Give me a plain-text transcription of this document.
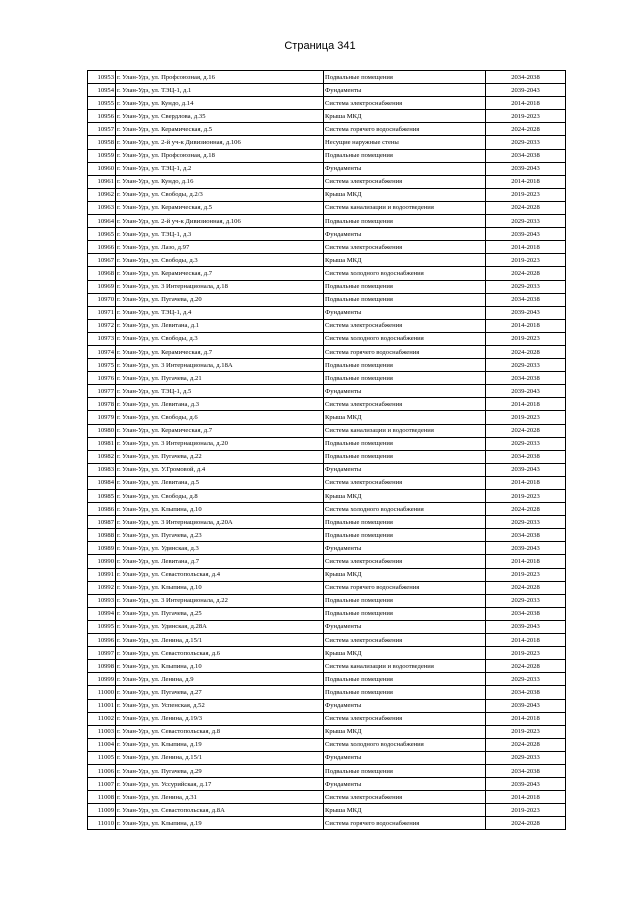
Страница 341
10953	г. Улан-Удэ, ул. Профсоюзная, д.16	Подвальные помещения	2034-2038
10954	г. Улан-Удэ, ул. ТЭЦ-1, д.1	Фундаменты	2039-2043
10955	г. Улан-Удэ, ул. Кундо, д.14	Система электроснабжения	2014-2018
10956	г. Улан-Удэ, ул. Свердлова, д.35	Крыша МКД	2019-2023
10957	г. Улан-Удэ, ул. Керамическая, д.5	Система горячего водоснабжения	2024-2028
10958	г. Улан-Удэ, ул. 2-й уч-к Дивизионная, д.106	Несущие наружные стены	2029-2033
10959	г. Улан-Удэ, ул. Профсоюзная, д.18	Подвальные помещения	2034-2038
10960	г. Улан-Удэ, ул. ТЭЦ-1, д.2	Фундаменты	2039-2043
10961	г. Улан-Удэ, ул. Кундо, д.16	Система электроснабжения	2014-2018
10962	г. Улан-Удэ, ул. Свободы, д.2/3	Крыша МКД	2019-2023
10963	г. Улан-Удэ, ул. Керамическая, д.5	Система канализации и водоотведения	2024-2028
10964	г. Улан-Удэ, ул. 2-й уч-к Дивизионная, д.106	Подвальные помещения	2029-2033
10965	г. Улан-Удэ, ул. ТЭЦ-1, д.3	Фундаменты	2039-2043
10966	г. Улан-Удэ, ул. Лазо, д.97	Система электроснабжения	2014-2018
10967	г. Улан-Удэ, ул. Свободы, д.3	Крыша МКД	2019-2023
10968	г. Улан-Удэ, ул. Керамическая, д.7	Система холодного водоснабжения	2024-2028
10969	г. Улан-Удэ, ул. 3 Интернационала, д.18	Подвальные помещения	2029-2033
10970	г. Улан-Удэ, ул. Пугачева, д.20	Подвальные помещения	2034-2038
10971	г. Улан-Удэ, ул. ТЭЦ-1, д.4	Фундаменты	2039-2043
10972	г. Улан-Удэ, ул. Левитана, д.1	Система электроснабжения	2014-2018
10973	г. Улан-Удэ, ул. Свободы, д.3	Система холодного водоснабжения	2019-2023
10974	г. Улан-Удэ, ул. Керамическая, д.7	Система горячего водоснабжения	2024-2028
10975	г. Улан-Удэ, ул. 3 Интернационала, д.18А	Подвальные помещения	2029-2033
10976	г. Улан-Удэ, ул. Пугачева, д.21	Подвальные помещения	2034-2038
10977	г. Улан-Удэ, ул. ТЭЦ-1, д.5	Фундаменты	2039-2043
10978	г. Улан-Удэ, ул. Левитана, д.3	Система электроснабжения	2014-2018
10979	г. Улан-Удэ, ул. Свободы, д.6	Крыша МКД	2019-2023
10980	г. Улан-Удэ, ул. Керамическая, д.7	Система канализации и водоотведения	2024-2028
10981	г. Улан-Удэ, ул. 3 Интернационала, д.20	Подвальные помещения	2029-2033
10982	г. Улан-Удэ, ул. Пугачева, д.22	Подвальные помещения	2034-2038
10983	г. Улан-Удэ, ул. У.Громовой, д.4	Фундаменты	2039-2043
10984	г. Улан-Удэ, ул. Левитана, д.5	Система электроснабжения	2014-2018
10985	г. Улан-Удэ, ул. Свободы, д.8	Крыша МКД	2019-2023
10986	г. Улан-Удэ, ул. Клыпина, д.10	Система холодного водоснабжения	2024-2028
10987	г. Улан-Удэ, ул. 3 Интернационала, д.20А	Подвальные помещения	2029-2033
10988	г. Улан-Удэ, ул. Пугачева, д.23	Подвальные помещения	2034-2038
10989	г. Улан-Удэ, ул. Удинская, д.3	Фундаменты	2039-2043
10990	г. Улан-Удэ, ул. Левитана, д.7	Система электроснабжения	2014-2018
10991	г. Улан-Удэ, ул. Севастопольская, д.4	Крыша МКД	2019-2023
10992	г. Улан-Удэ, ул. Клыпина, д.10	Система горячего водоснабжения	2024-2028
10993	г. Улан-Удэ, ул. 3 Интернационала, д.22	Подвальные помещения	2029-2033
10994	г. Улан-Удэ, ул. Пугачева, д.25	Подвальные помещения	2034-2038
10995	г. Улан-Удэ, ул. Удинская, д.28А	Фундаменты	2039-2043
10996	г. Улан-Удэ, ул. Ленина, д.15/1	Система электроснабжения	2014-2018
10997	г. Улан-Удэ, ул. Севастопольская, д.6	Крыша МКД	2019-2023
10998	г. Улан-Удэ, ул. Клыпина, д.10	Система канализации и водоотведения	2024-2028
10999	г. Улан-Удэ, ул. Ленина, д.9	Подвальные помещения	2029-2033
11000	г. Улан-Удэ, ул. Пугачева, д.27	Подвальные помещения	2034-2038
11001	г. Улан-Удэ, ул. Успенская, д.52	Фундаменты	2039-2043
11002	г. Улан-Удэ, ул. Ленина, д.19/3	Система электроснабжения	2014-2018
11003	г. Улан-Удэ, ул. Севастопольская, д.8	Крыша МКД	2019-2023
11004	г. Улан-Удэ, ул. Клыпина, д.19	Система холодного водоснабжения	2024-2028
11005	г. Улан-Удэ, ул. Ленина, д.15/1	Фундаменты	2029-2033
11006	г. Улан-Удэ, ул. Пугачева, д.29	Подвальные помещения	2034-2038
11007	г. Улан-Удэ, ул. Уссурийская, д.17	Фундаменты	2039-2043
11008	г. Улан-Удэ, ул. Ленина, д.31	Система электроснабжения	2014-2018
11009	г. Улан-Удэ, ул. Севастопольская, д.8А	Крыша МКД	2019-2023
11010	г. Улан-Удэ, ул. Клыпина, д.19	Система горячего водоснабжения	2024-2028
